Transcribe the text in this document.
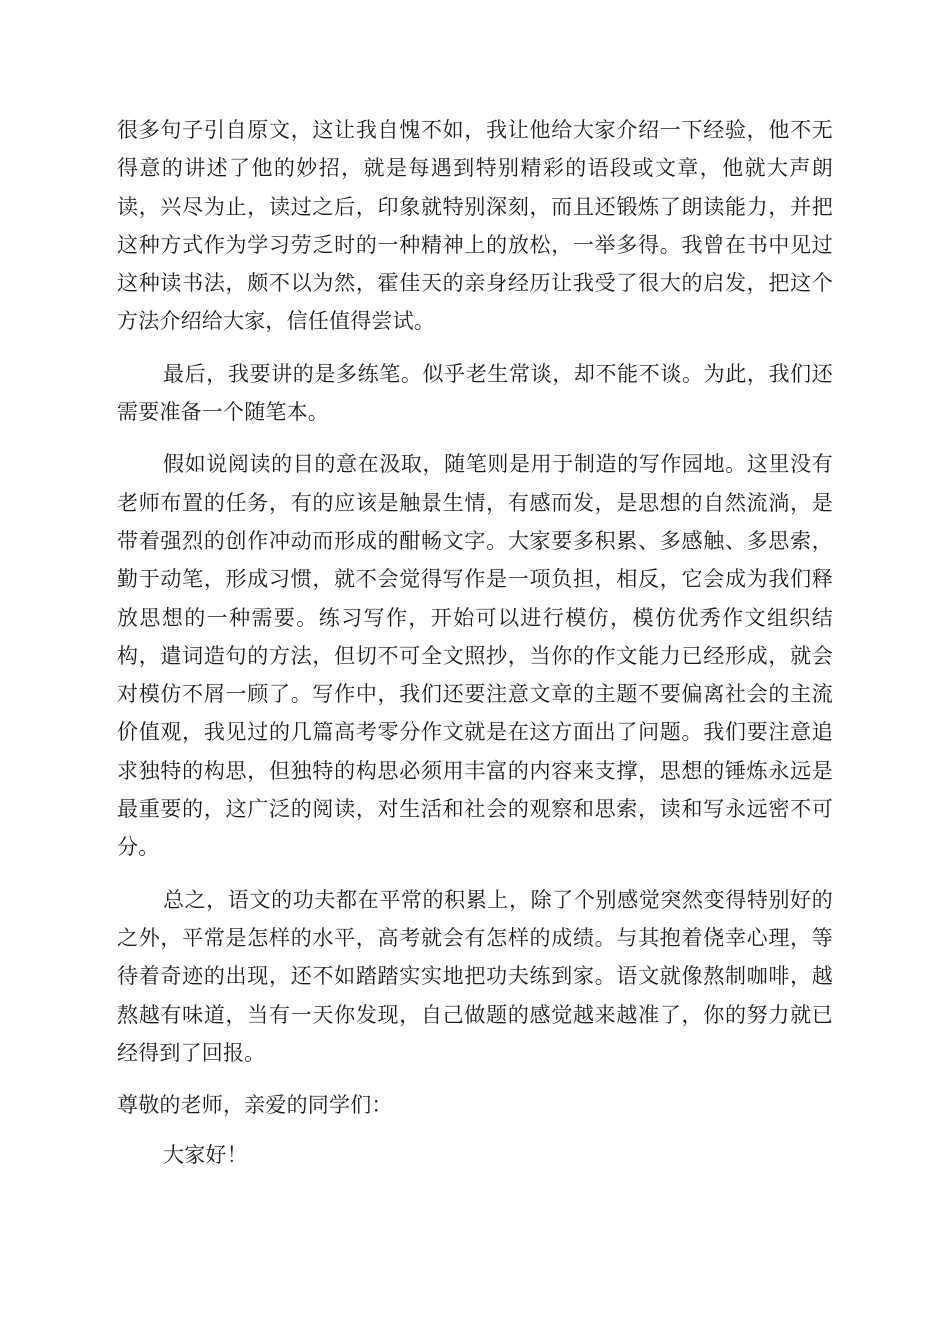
很多句子引自原文，这让我自愧不如，我让他给大家介绍一下经验，他不无得意的讲述了他的妙招，就是每遇到特别精彩的语段或文章，他就大声朗读，兴尽为止，读过之后，印象就特别深刻，而且还锻炼了朗读能力，并把这种方式作为学习劳乏时的一种精神上的放松，一举多得。我曾在书中见过这种读书法，颇不以为然，霍佳天的亲身经历让我受了很大的启发，把这个方法介绍给大家，信任值得尝试。

最后，我要讲的是多练笔。似乎老生常谈，却不能不谈。为此，我们还需要准备一个随笔本。

假如说阅读的目的意在汲取，随笔则是用于制造的写作园地。这里没有老师布置的任务，有的应该是触景生情，有感而发，是思想的自然流淌，是带着强烈的创作冲动而形成的酣畅文字。大家要多积累、多感触、多思索，勤于动笔，形成习惯，就不会觉得写作是一项负担，相反，它会成为我们释放思想的一种需要。练习写作，开始可以进行模仿，模仿优秀作文组织结构，遣词造句的方法，但切不可全文照抄，当你的作文能力已经形成，就会对模仿不屑一顾了。写作中，我们还要注意文章的主题不要偏离社会的主流价值观，我见过的几篇高考零分作文就是在这方面出了问题。我们要注意追求独特的构思，但独特的构思必须用丰富的内容来支撑，思想的锤炼永远是最重要的，这广泛的阅读，对生活和社会的观察和思索，读和写永远密不可分。

总之，语文的功夫都在平常的积累上，除了个别感觉突然变得特别好的之外，平常是怎样的水平，高考就会有怎样的成绩。与其抱着侥幸心理，等待着奇迹的出现，还不如踏踏实实地把功夫练到家。语文就像熬制咖啡，越熬越有味道，当有一天你发现，自己做题的感觉越来越准了，你的努力就已经得到了回报。

尊敬的老师，亲爱的同学们：

大家好！
